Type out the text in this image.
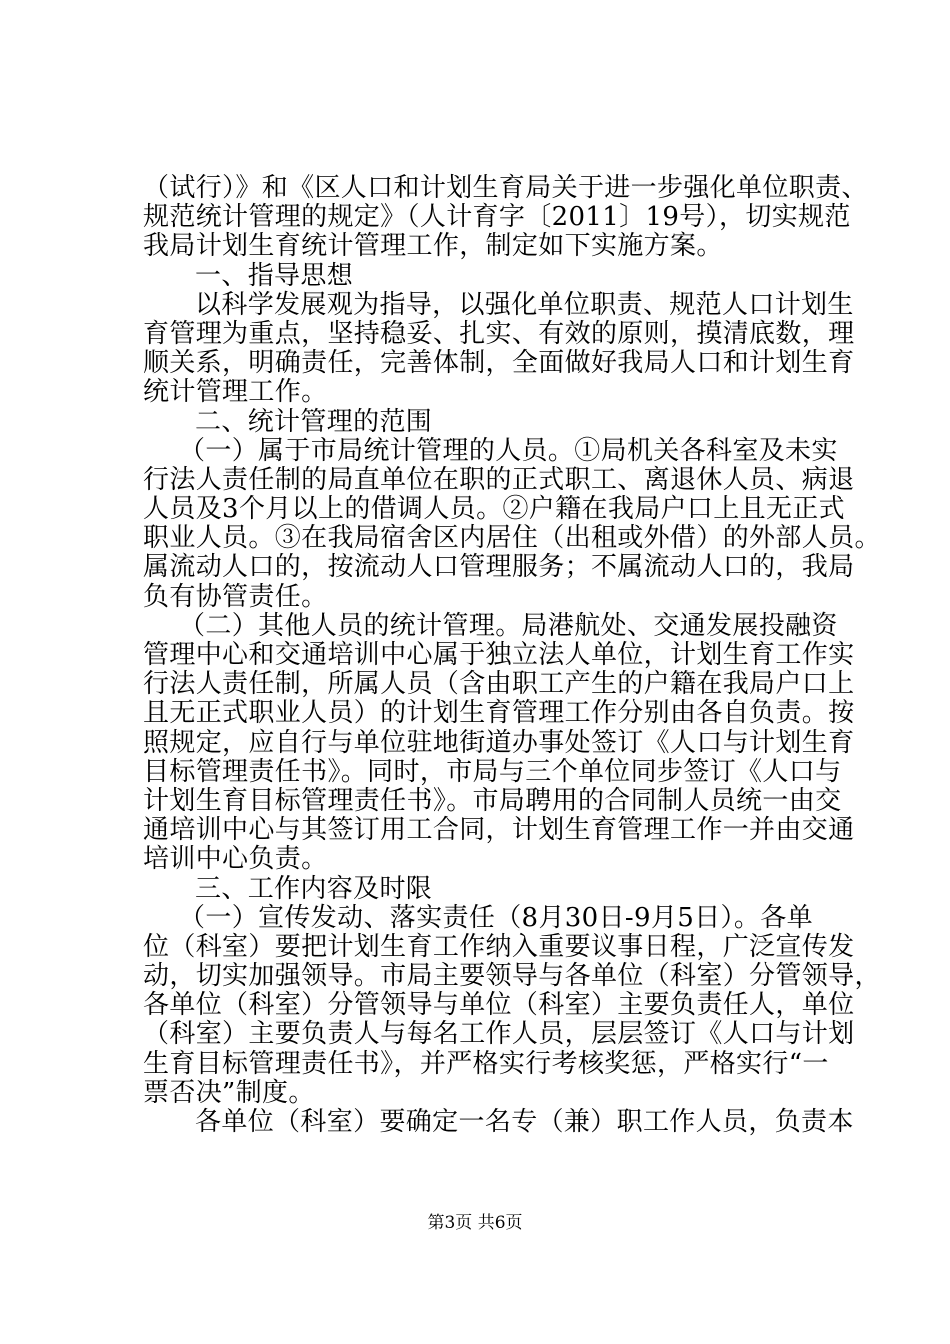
（试行）》和《区人口和计划生育局关于进一步强化单位职责、
规范统计管理的规定》（人计育字〔2011〕19号），切实规范
我局计划生育统计管理工作，制定如下实施方案。
一、指导思想
以科学发展观为指导，以强化单位职责、规范人口计划生
育管理为重点，坚持稳妥、扎实、有效的原则，摸清底数，理
顺关系，明确责任，完善体制，全面做好我局人口和计划生育
统计管理工作。
二、统计管理的范围
（一）属于市局统计管理的人员。①局机关各科室及未实
行法人责任制的局直单位在职的正式职工、离退休人员、病退
人员及3个月以上的借调人员。②户籍在我局户口上且无正式
职业人员。③在我局宿舍区内居住（出租或外借）的外部人员。
属流动人口的，按流动人口管理服务；不属流动人口的，我局
负有协管责任。
（二）其他人员的统计管理。局港航处、交通发展投融资
管理中心和交通培训中心属于独立法人单位，计划生育工作实
行法人责任制，所属人员（含由职工产生的户籍在我局户口上
且无正式职业人员）的计划生育管理工作分别由各自负责。按
照规定，应自行与单位驻地街道办事处签订《人口与计划生育
目标管理责任书》。同时，市局与三个单位同步签订《人口与
计划生育目标管理责任书》。市局聘用的合同制人员统一由交
通培训中心与其签订用工合同，计划生育管理工作一并由交通
培训中心负责。
三、工作内容及时限
（一）宣传发动、落实责任（8月30日-9月5日）。各单
位（科室）要把计划生育工作纳入重要议事日程，广泛宣传发
动，切实加强领导。市局主要领导与各单位（科室）分管领导，
各单位（科室）分管领导与单位（科室）主要负责任人，单位
（科室）主要负责人与每名工作人员，层层签订《人口与计划
生育目标管理责任书》，并严格实行考核奖惩，严格实行“一
票否决”制度。
各单位（科室）要确定一名专（兼）职工作人员，负责本
第3页 共6页
